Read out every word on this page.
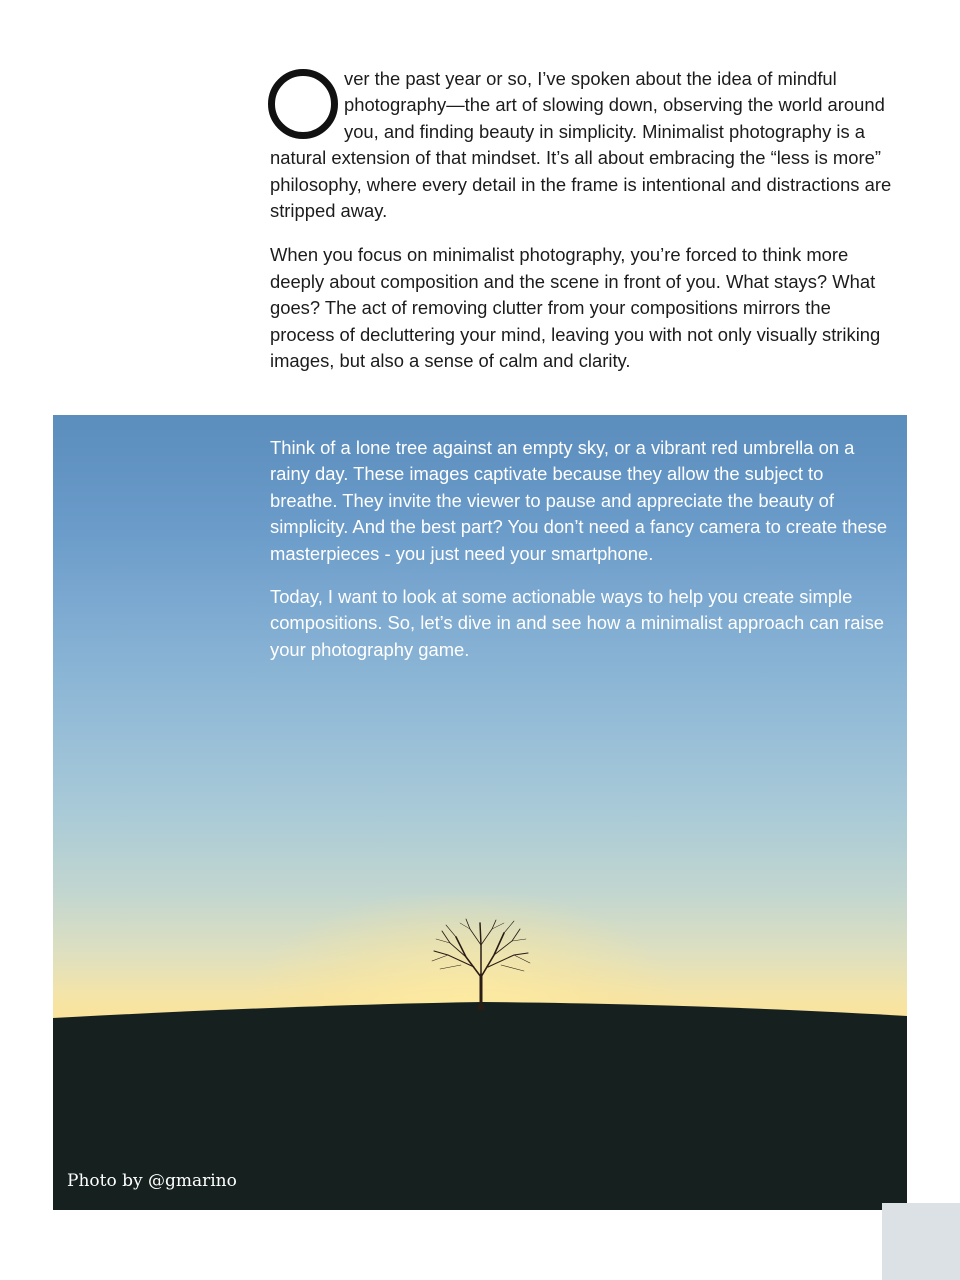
ver the past year or so, I’ve spoken about the idea of mindful photography—the art of slowing down, observing the world around you, and finding beauty in simplicity. Minimalist photography is a natural extension of that mindset. It’s all about embracing the “less is more” philosophy, where every detail in the frame is intentional and distractions are stripped away.

When you focus on minimalist photography, you’re forced to think more deeply about composition and the scene in front of you. What stays? What goes? The act of removing clutter from your compositions mirrors the process of decluttering your mind, leaving you with not only visually striking images, but also a sense of calm and clarity.

Think of a lone tree against an empty sky, or a vibrant red umbrella on a rainy day. These images captivate because they allow the subject to breathe. They invite the viewer to pause and appreciate the beauty of simplicity. And the best part? You don’t need a fancy camera to create these masterpieces - you just need your smartphone.

Today, I want to look at some actionable ways to help you create simple compositions. So, let’s dive in and see how a minimalist approach can raise your photography game.

Photo by @gmarino
